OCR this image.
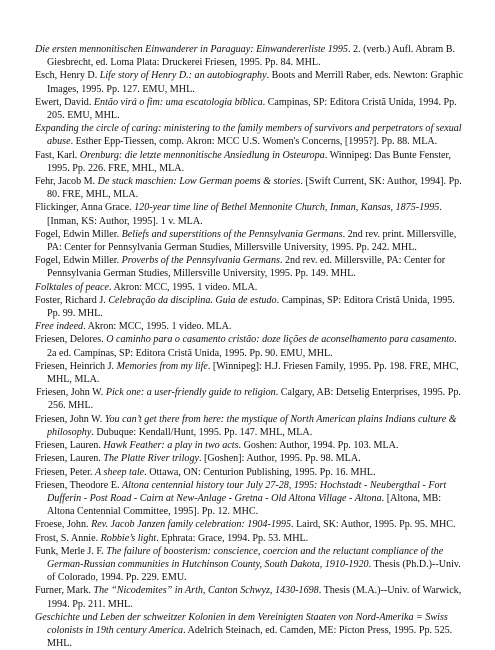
Die ersten mennonitischen Einwanderer in Paraguay: Einwandererliste 1995. 2. (verb.) Aufl. Abram B. Giesbrecht, ed. Loma Plata: Druckerei Friesen, 1995. Pp. 84. MHL.

Esch, Henry D. Life story of Henry D.: an autobiography. Boots and Merrill Raber, eds. Newton: Graphic Images, 1995. Pp. 127. EMU, MHL.

Ewert, David. Então virá o fim: uma escatologia bíblica. Campinas, SP: Editora Cristã Unida, 1994. Pp. 205. EMU, MHL.

Expanding the circle of caring: ministering to the family members of survivors and perpetrators of sexual abuse. Esther Epp-Tiessen, comp. Akron: MCC U.S. Women's Concerns, [1995?]. Pp. 88. MLA.

Fast, Karl. Orenburg: die letzte mennonitische Ansiedlung in Osteuropa. Winnipeg: Das Bunte Fenster, 1995. Pp. 226. FRE, MHL, MLA.

Fehr, Jacob M. De stuck maschien: Low German poems & stories. [Swift Current, SK: Author, 1994]. Pp. 80. FRE, MHL, MLA.

Flickinger, Anna Grace. 120-year time line of Bethel Mennonite Church, Inman, Kansas, 1875-1995. [Inman, KS: Author, 1995]. 1 v. MLA.

Fogel, Edwin Miller. Beliefs and superstitions of the Pennsylvania Germans. 2nd rev. print. Millersville, PA: Center for Pennsylvania German Studies, Millersville University, 1995. Pp. 242. MHL.

Fogel, Edwin Miller. Proverbs of the Pennsylvania Germans. 2nd rev. ed. Millersville, PA: Center for Pennsylvania German Studies, Millersville University, 1995. Pp. 149. MHL.

Folktales of peace. Akron: MCC, 1995. 1 video. MLA.

Foster, Richard J. Celebração da disciplina. Guia de estudo. Campinas, SP: Editora Cristã Unida, 1995. Pp. 99. MHL.

Free indeed. Akron: MCC, 1995. 1 video. MLA.

Friesen, Delores. O caminho para o casamento cristão: doze lições de aconselhamento para casamento. 2a ed. Campinas, SP: Editora Cristã Unida, 1995. Pp. 90. EMU, MHL.

Friesen, Heinrich J. Memories from my life. [Winnipeg]: H.J. Friesen Family, 1995. Pp. 198. FRE, MHC, MHL, MLA.

Friesen, John W. Pick one: a user-friendly guide to religion. Calgary, AB: Detselig Enterprises, 1995. Pp. 256. MHL.

Friesen, John W. You can’t get there from here: the mystique of North American plains Indians culture & philosophy. Dubuque: Kendall/Hunt, 1995. Pp. 147. MHL, MLA.

Friesen, Lauren. Hawk Feather: a play in two acts. Goshen: Author, 1994. Pp. 103. MLA.

Friesen, Lauren. The Platte River trilogy. [Goshen]: Author, 1995. Pp. 98. MLA.

Friesen, Peter. A sheep tale. Ottawa, ON: Centurion Publishing, 1995. Pp. 16. MHL.

Friesen, Theodore E. Altona centennial history tour July 27-28, 1995: Hochstadt - Neubergthal - Fort Dufferin - Post Road - Cairn at New-Anlage - Gretna - Old Altona Village - Altona. [Altona, MB: Altona Centennial Committee, 1995]. Pp. 12. MHC.

Froese, John. Rev. Jacob Janzen family celebration: 1904-1995. Laird, SK: Author, 1995. Pp. 95. MHC.

Frost, S. Annie. Robbie’s light. Ephrata: Grace, 1994. Pp. 53. MHL.

Funk, Merle J. F. The failure of boosterism: conscience, coercion and the reluctant compliance of the German-Russian communities in Hutchinson County, South Dakota, 1910-1920. Thesis (Ph.D.)--Univ. of Colorado, 1994. Pp. 229. EMU.

Furner, Mark. The “Nicodemites” in Arth, Canton Schwyz, 1430-1698. Thesis (M.A.)--Univ. of Warwick, 1994. Pp. 211. MHL.

Geschichte und Leben der schweitzer Kolonien in dem Vereinigten Staaten von Nord-Amerika = Swiss colonists in 19th century America. Adelrich Steinach, ed. Camden, ME: Picton Press, 1995. Pp. 525. MHL.
